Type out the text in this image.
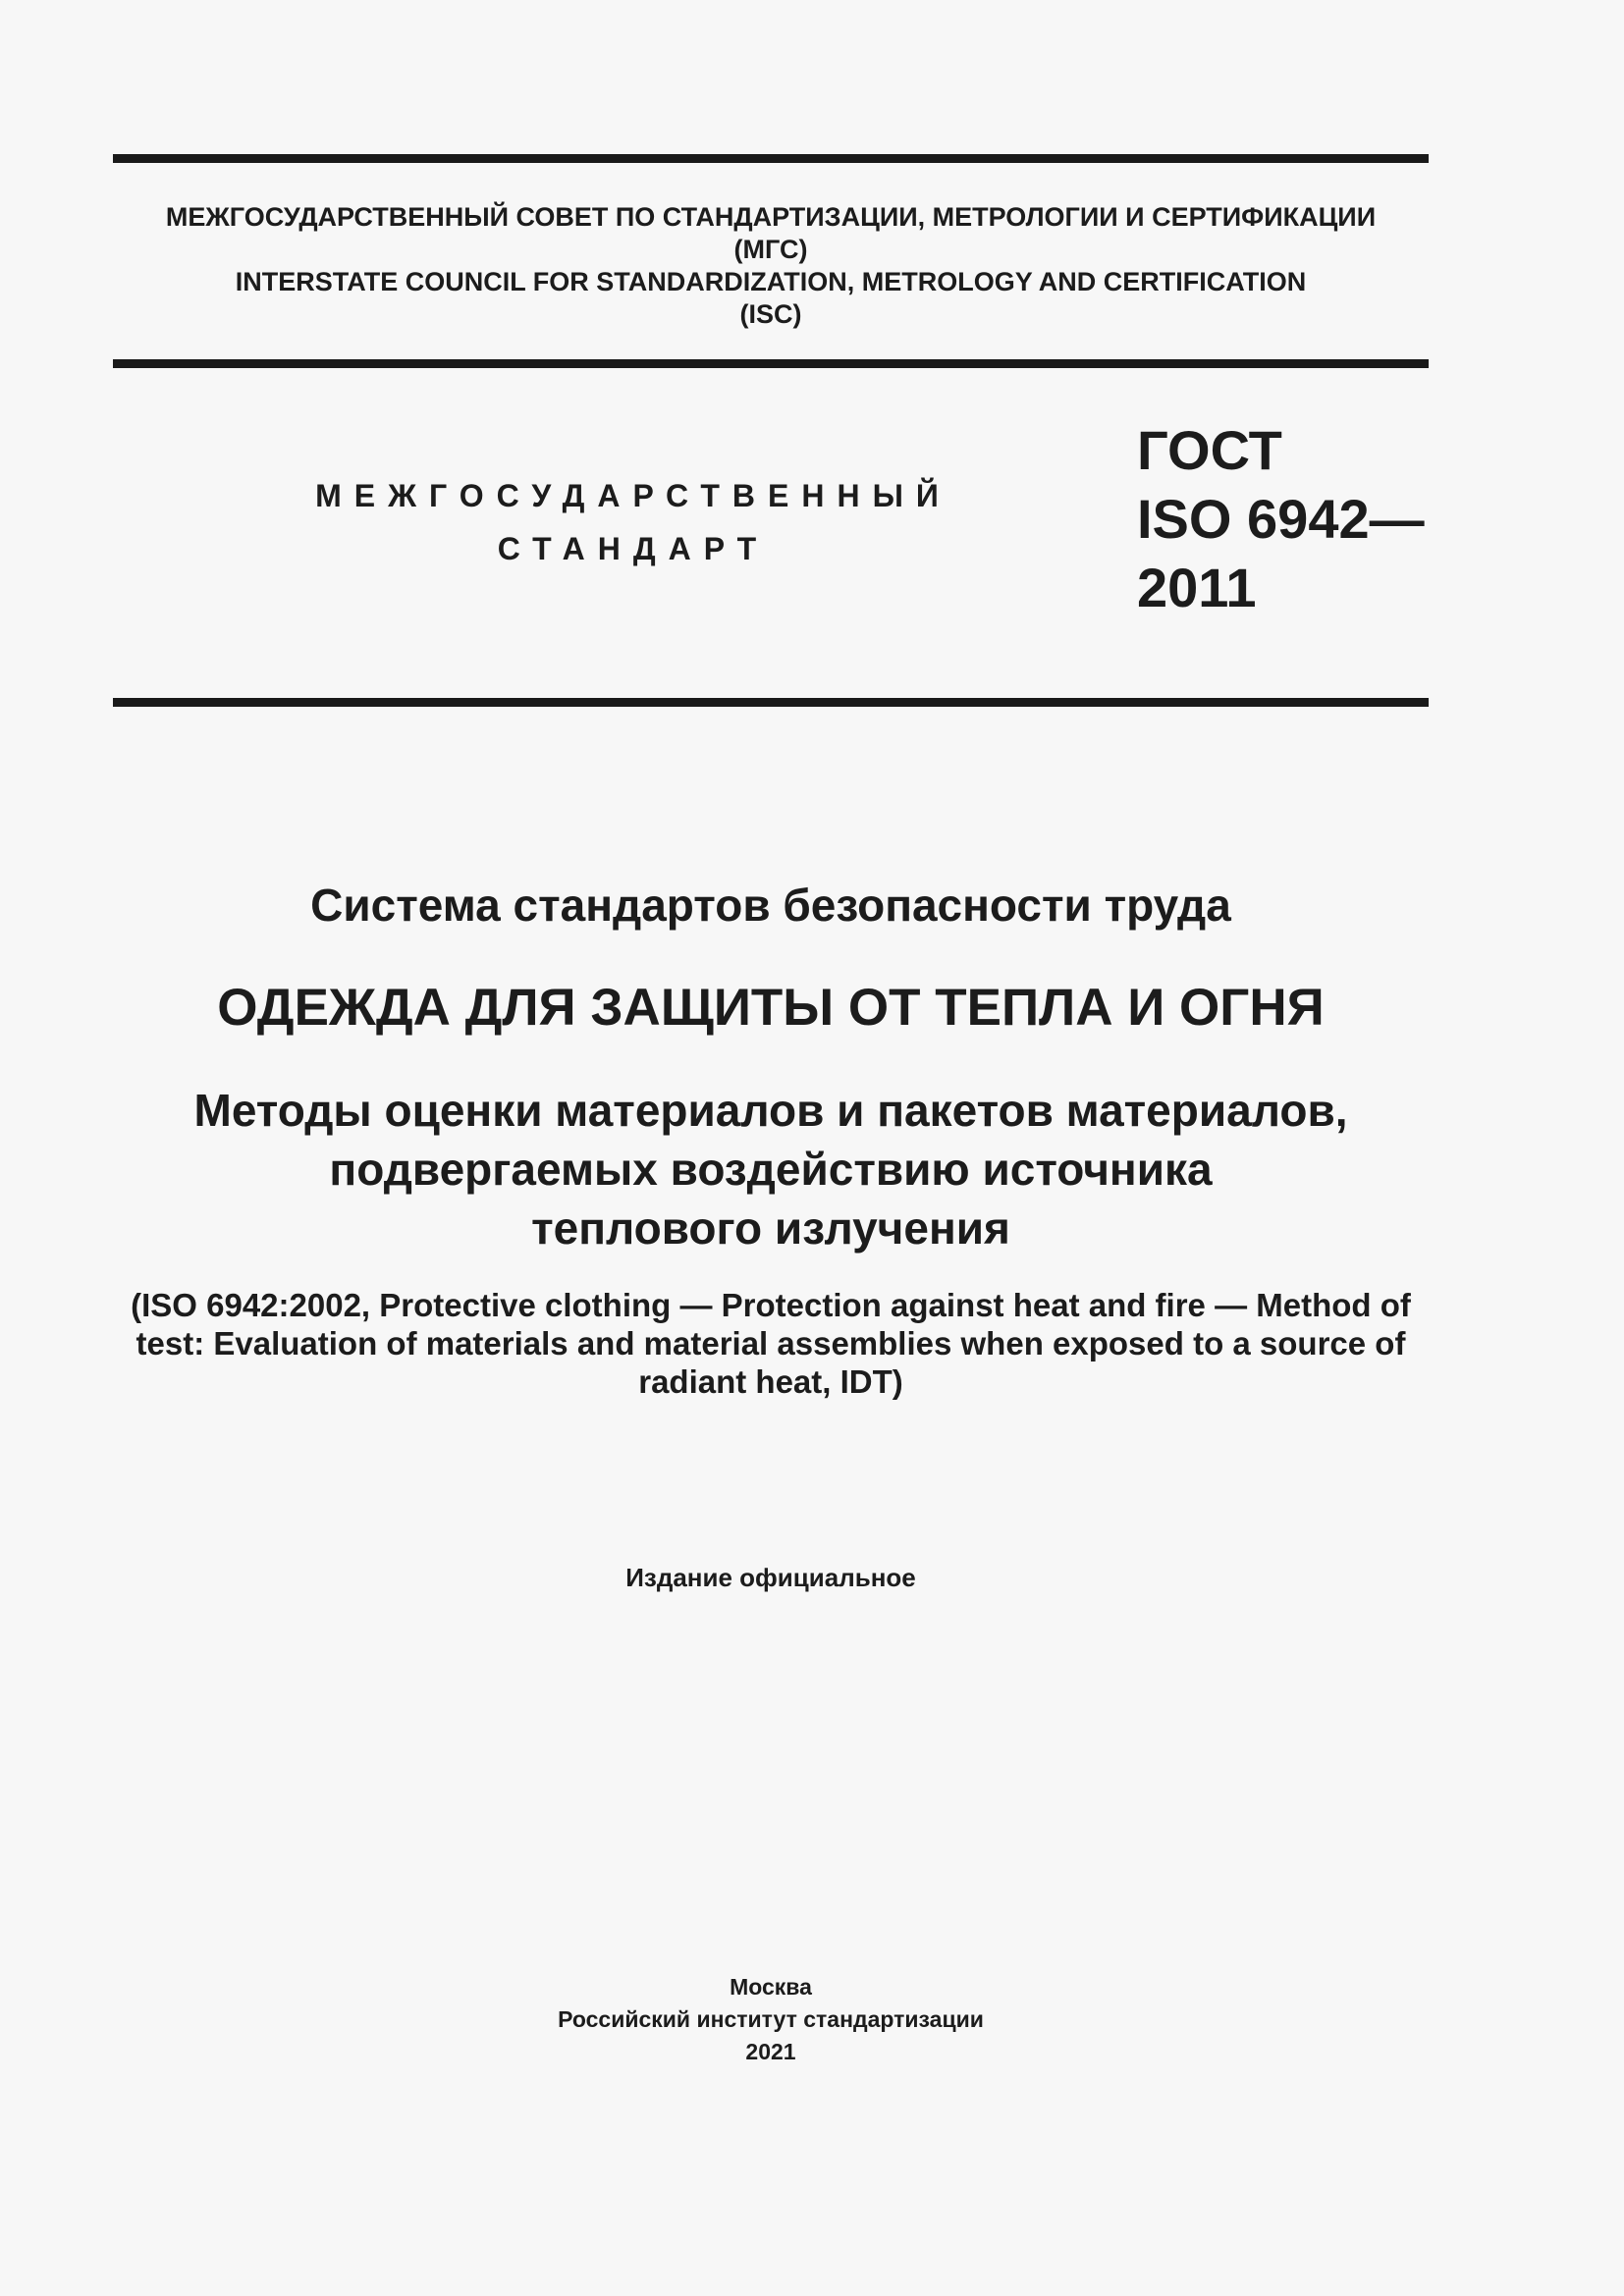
МЕЖГОСУДАРСТВЕННЫЙ СОВЕТ ПО СТАНДАРТИЗАЦИИ, МЕТРОЛОГИИ И СЕРТИФИКАЦИИ
(МГС)
INTERSTATE COUNCIL FOR STANDARDIZATION, METROLOGY AND CERTIFICATION
(ISC)
МЕЖГОСУДАРСТВЕННЫЙ
СТАНДАРТ
ГОСТ
ISO 6942—
2011
Система стандартов безопасности труда
ОДЕЖДА ДЛЯ ЗАЩИТЫ ОТ ТЕПЛА И ОГНЯ
Методы оценки материалов и пакетов материалов,
подвергаемых воздействию источника
теплового излучения
(ISO 6942:2002, Protective clothing — Protection against heat and fire — Method of
test: Evaluation of materials and material assemblies when exposed to a source of
radiant heat, IDT)
Издание официальное
Москва
Российский институт стандартизации
2021
